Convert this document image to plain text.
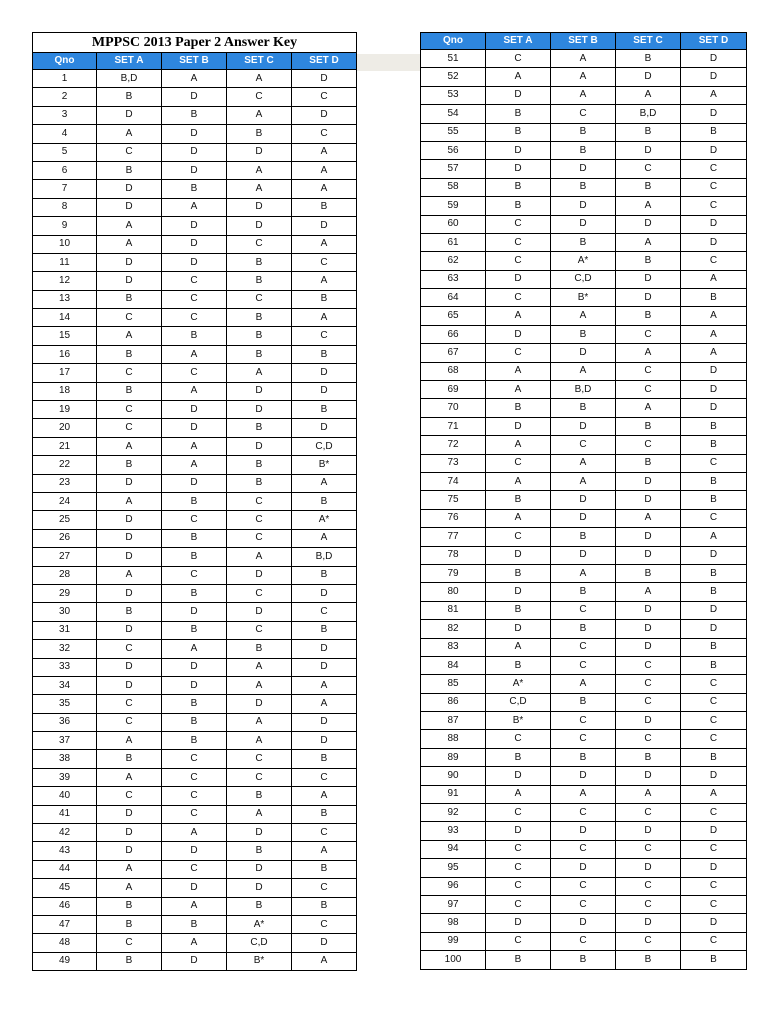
MPPSC 2013 Paper 2 Answer Key				
Qno	SET A	SET B	SET C	SET D
1	B,D	A	A	D
2	B	D	C	C
3	D	B	A	D
4	A	D	B	C
5	C	D	D	A
6	B	D	A	A
7	D	B	A	A
8	D	A	D	B
9	A	D	D	D
10	A	D	C	A
11	D	D	B	C
12	D	C	B	A
13	B	C	C	B
14	C	C	B	A
15	A	B	B	C
16	B	A	B	B
17	C	C	A	D
18	B	A	D	D
19	C	D	D	B
20	C	D	B	D
21	A	A	D	C,D
22	B	A	B	B*
23	D	D	B	A
24	A	B	C	B
25	D	C	C	A*
26	D	B	C	A
27	D	B	A	B,D
28	A	C	D	B
29	D	B	C	D
30	B	D	D	C
31	D	B	C	B
32	C	A	B	D
33	D	D	A	D
34	D	D	A	A
35	C	B	D	A
36	C	B	A	D
37	A	B	A	D
38	B	C	C	B
39	A	C	C	C
40	C	C	B	A
41	D	C	A	B
42	D	A	D	C
43	D	D	B	A
44	A	C	D	B
45	A	D	D	C
46	B	A	B	B
47	B	B	A*	C
48	C	A	C,D	D
49	B	D	B*	A
Qno	SET A	SET B	SET C	SET D
51	C	A	B	D
52	A	A	D	D
53	D	A	A	A
54	B	C	B,D	D
55	B	B	B	B
56	D	B	D	D
57	D	D	C	C
58	B	B	B	C
59	B	D	A	C
60	C	D	D	D
61	C	B	A	D
62	C	A*	B	C
63	D	C,D	D	A
64	C	B*	D	B
65	A	A	B	A
66	D	B	C	A
67	C	D	A	A
68	A	A	C	D
69	A	B,D	C	D
70	B	B	A	D
71	D	D	B	B
72	A	C	C	B
73	C	A	B	C
74	A	A	D	B
75	B	D	D	B
76	A	D	A	C
77	C	B	D	A
78	D	D	D	D
79	B	A	B	B
80	D	B	A	B
81	B	C	D	D
82	D	B	D	D
83	A	C	D	B
84	B	C	C	B
85	A*	A	C	C
86	C,D	B	C	C
87	B*	C	D	C
88	C	C	C	C
89	B	B	B	B
90	D	D	D	D
91	A	A	A	A
92	C	C	C	C
93	D	D	D	D
94	C	C	C	C
95	C	D	D	D
96	C	C	C	C
97	C	C	C	C
98	D	D	D	D
99	C	C	C	C
100	B	B	B	B
